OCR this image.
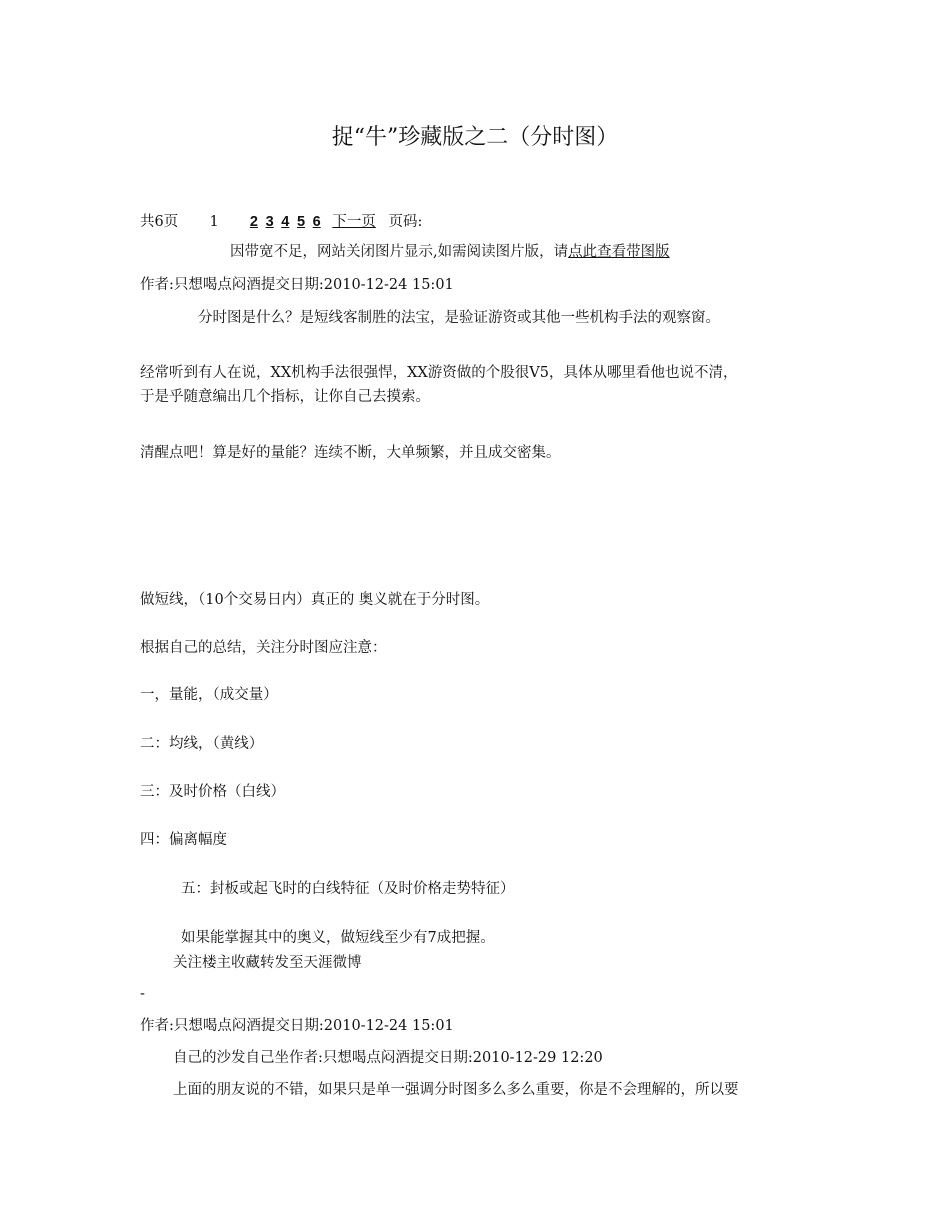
捉“牛”珍藏版之二（分时图）
共6页 1 2 3 4 5 6 下一页 页码:
因带宽不足，网站关闭图片显示,如需阅读图片版，请点此查看带图版
作者:只想喝点闷酒提交日期:2010-12-24 15:01
分时图是什么？是短线客制胜的法宝，是验证游资或其他一些机构手法的观察窗。
经常听到有人在说，XX机构手法很强悍，XX游资做的个股很V5，具体从哪里看他也说不清，
于是乎随意编出几个指标，让你自己去摸索。
清醒点吧！算是好的量能？连续不断，大单频繁，并且成交密集。
做短线，（10个交易日内）真正的 奥义就在于分时图。
根据自己的总结，关注分时图应注意：
一，量能，（成交量）
二：均线，（黄线）
三：及时价格（白线）
四：偏离幅度
五：封板或起飞时的白线特征（及时价格走势特征）
如果能掌握其中的奥义，做短线至少有7成把握。
关注楼主收藏转发至天涯微博
-
作者:只想喝点闷酒提交日期:2010-12-24 15:01
自己的沙发自己坐作者:只想喝点闷酒提交日期:2010-12-29 12:20
上面的朋友说的不错，如果只是单一强调分时图多么多么重要，你是不会理解的，所以要
